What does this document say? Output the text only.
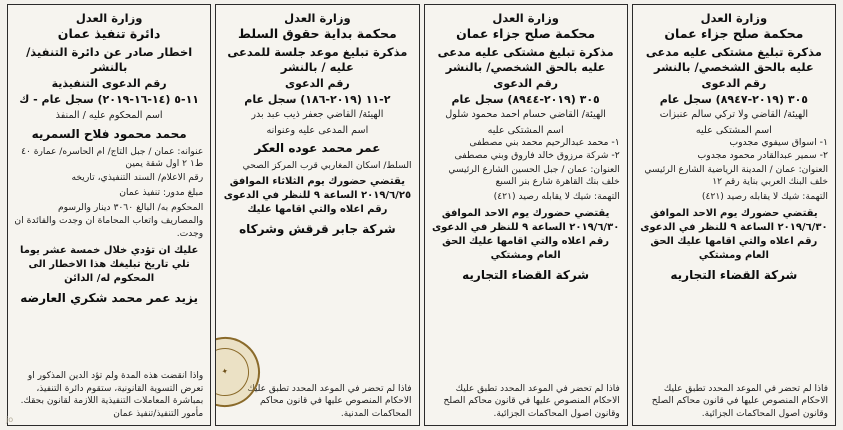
وزارة العدل
دائرة تنفيذ عمان
اخطار صادر عن دائرة التنفيذ/بالنشر
رقم الدعوى التنفيذية
١١-٥ (١٤-١٦-٢٠١٩) سجل عام - ك
اسم المحكوم عليه / المنفذ
محمد محمود فلاح السمريه
عنوانه: عمان / جبل التاج/ ام الحاسره/ عمارة ٤٠ ط١ ٢ اول شقة يمين
رقم الاعلام/ السند التنفيذي، تاريخه
مبلغ مدور: تنفيذ عمان
المحكوم به/ البالغ ٣٠٦٠ دينار والرسوم والمصاريف واتعاب المحاماة ان وجدت والفائدة ان وجدت.
عليك ان تؤدي خلال خمسة عشر يوما تلي تاريخ تبليغك هذا الاخطار الى المحكوم له/ الدائن
يزيد عمر محمد شكري العارضه
واذا انقضت هذه المدة ولم تؤد الدين المذكور او تعرض التسوية القانونية، ستقوم دائرة التنفيذ، بمباشرة المعاملات التنفيذية اللازمة لقانون بحقك. مأمور التنفيذ/تنفيذ عمان
وزارة العدل
محكمة بداية حقوق السلط
مذكرة تبليغ موعد جلسة للمدعى عليه / بالنشر
رقم الدعوى
٢-١١ (٢٠١٩-١٨٦) سجل عام
الهيئة/ القاضي جعفر ذيب عبد بدر
اسم المدعى عليه وعنوانه
عمر محمد عوده العكر
السلط/ اسكان المغاربي قرب المركز الصحي
يقتضي حضورك يوم الثلاثاء الموافق ٢٠١٩/٦/٢٥ الساعة ٩ للنظر في الدعوى رقم اعلاه والتي اقامها عليك
شركة جابر قرقش وشركاه
فاذا لم تحضر في الموعد المحدد تطبق عليك الاحكام المنصوص عليها في قانون محاكم المحاكمات المدنية.
✦
وزارة العدل
محكمة صلح جزاء عمان
مذكرة تبليغ مشتكى عليه مدعى عليه بالحق الشخصي/ بالنشر
رقم الدعوى
٣٠٥ (٢٠١٩-٨٩٤٤) سجل عام
الهيئة/ القاضي حسام احمد محمود شلول
اسم المشتكى عليه
١- محمد عبدالرحيم محمد بني مصطفى
٢- شركة مرزوق خالد فاروق وبني مصطفى
العنوان: عمان / جبل الحسين الشارع الرئيسي خلف بنك القاهرة شارع بنر السبع
التهمة: شيك لا يقابله رصيد (٤٢١)
يقتضي حضورك يوم الاحد الموافق ٢٠١٩/٦/٣٠ الساعة ٩ للنظر في الدعوى رقم اعلاه والتي اقامها عليك الحق العام ومشتكي
شركة القضاء التجاريه
فاذا لم تحضر في الموعد المحدد تطبق عليك الاحكام المنصوص عليها في قانون محاكم الصلح وقانون اصول المحاكمات الجزائية.
وزارة العدل
محكمة صلح جزاء عمان
مذكرة تبليغ مشتكى عليه مدعى عليه بالحق الشخصي/ بالنشر
رقم الدعوى
٣٠٥ (٢٠١٩-٨٩٤٧) سجل عام
الهيئة/ القاضي ولا تركي سالم عنبزات
اسم المشتكى عليه
١- اسواق سيفوي مجدوب
٢- سمير عبدالقادر محمود مجدوب
العنوان: عمان / المدينة الرياضية الشارع الرئيسي خلف البنك العربي بناية رقم ١٢
التهمة: شيك لا يقابله رصيد (٤٢١)
يقتضي حضورك يوم الاحد الموافق ٢٠١٩/٦/٣٠ الساعة ٩ للنظر في الدعوى رقم اعلاه والتي اقامها عليك الحق العام ومشتكي
شركة القضاء التجاريه
فاذا لم تحضر في الموعد المحدد تطبق عليك الاحكام المنصوص عليها في قانون محاكم الصلح وقانون اصول المحاكمات الجزائية.
jo
